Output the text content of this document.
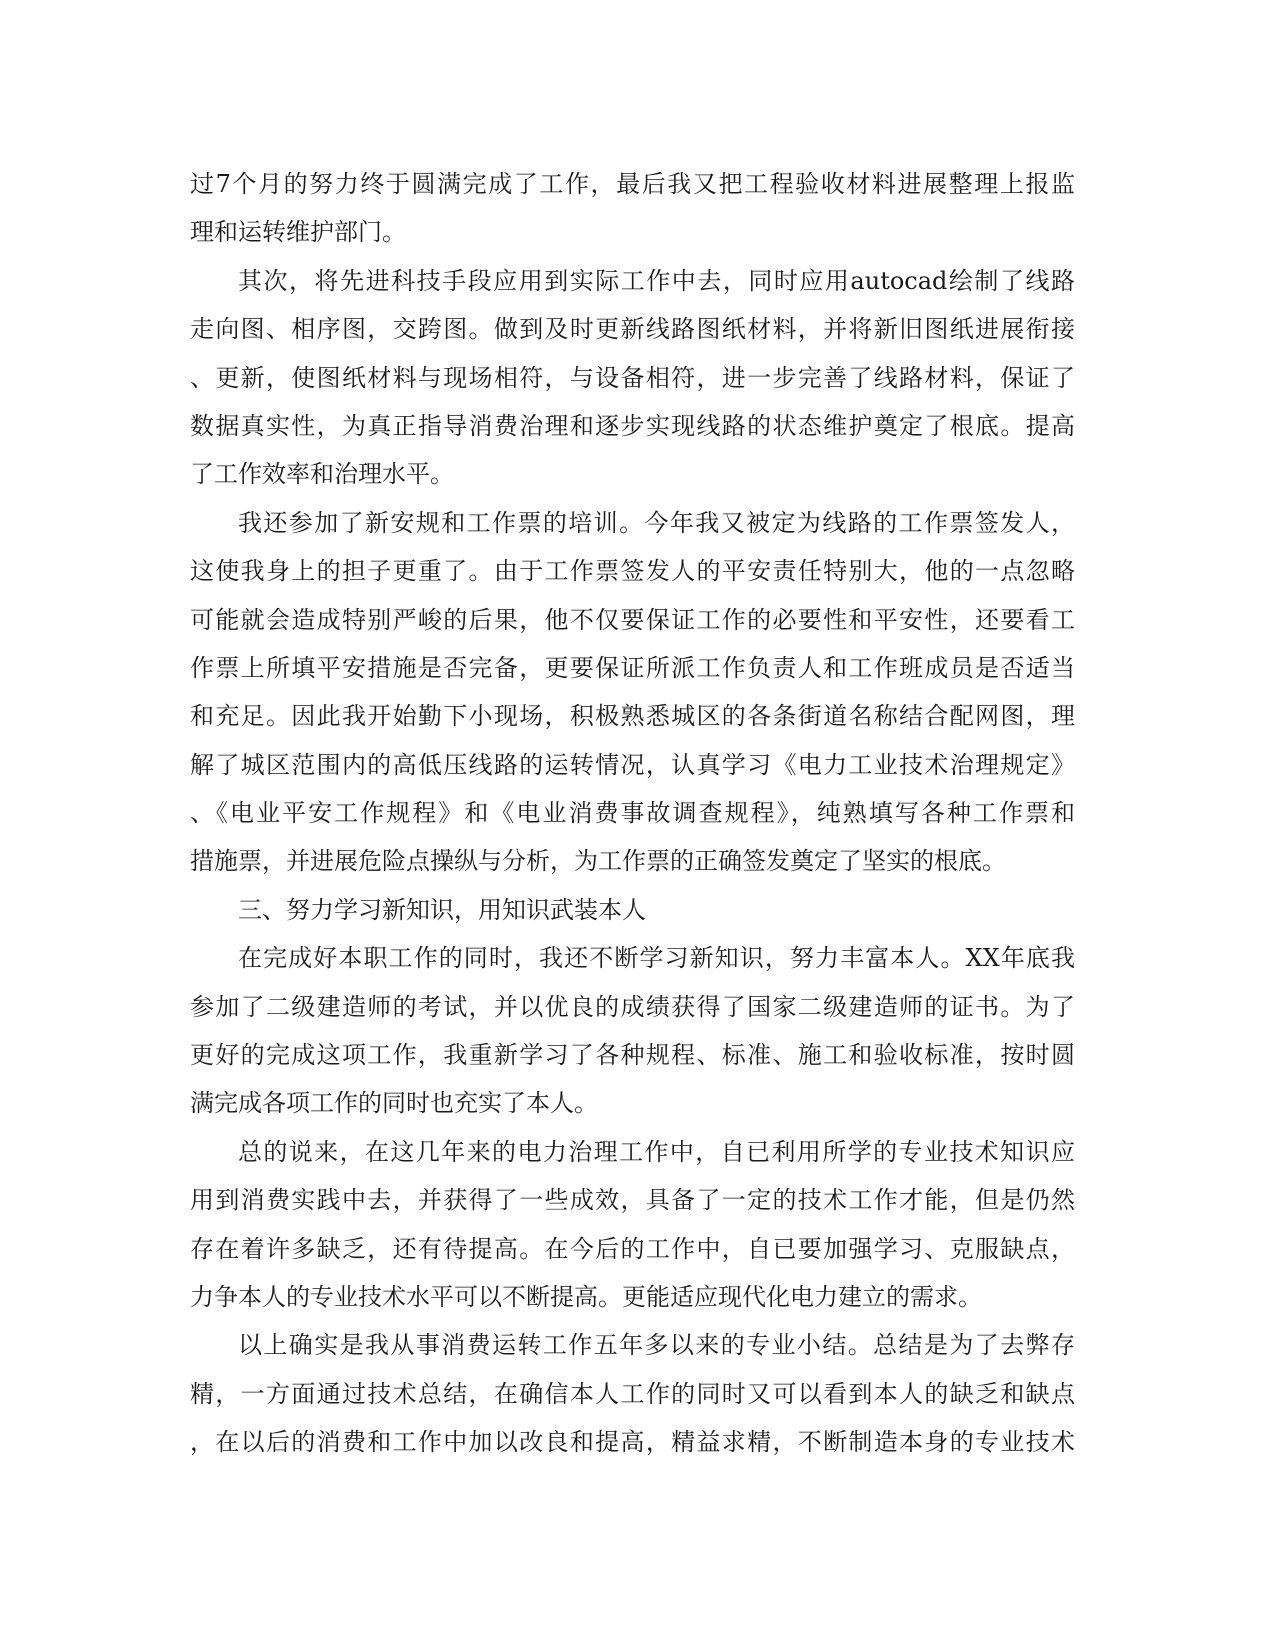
过7个月的努力终于圆满完成了工作，最后我又把工程验收材料进展整理上报监
理和运转维护部门。
其次，将先进科技手段应用到实际工作中去，同时应用autocad绘制了线路
走向图、相序图，交跨图。做到及时更新线路图纸材料，并将新旧图纸进展衔接
、更新，使图纸材料与现场相符，与设备相符，进一步完善了线路材料，保证了
数据真实性，为真正指导消费治理和逐步实现线路的状态维护奠定了根底。提高
了工作效率和治理水平。
我还参加了新安规和工作票的培训。今年我又被定为线路的工作票签发人，
这使我身上的担子更重了。由于工作票签发人的平安责任特别大，他的一点忽略
可能就会造成特别严峻的后果，他不仅要保证工作的必要性和平安性，还要看工
作票上所填平安措施是否完备，更要保证所派工作负责人和工作班成员是否适当
和充足。因此我开始勤下小现场，积极熟悉城区的各条街道名称结合配网图，理
解了城区范围内的高低压线路的运转情况，认真学习《电力工业技术治理规定》
、《电业平安工作规程》和《电业消费事故调查规程》，纯熟填写各种工作票和
措施票，并进展危险点操纵与分析，为工作票的正确签发奠定了坚实的根底。
三、努力学习新知识，用知识武装本人
在完成好本职工作的同时，我还不断学习新知识，努力丰富本人。XX年底我
参加了二级建造师的考试，并以优良的成绩获得了国家二级建造师的证书。为了
更好的完成这项工作，我重新学习了各种规程、标准、施工和验收标准，按时圆
满完成各项工作的同时也充实了本人。
总的说来，在这几年来的电力治理工作中，自已利用所学的专业技术知识应
用到消费实践中去，并获得了一些成效，具备了一定的技术工作才能，但是仍然
存在着许多缺乏，还有待提高。在今后的工作中，自已要加强学习、克服缺点，
力争本人的专业技术水平可以不断提高。更能适应现代化电力建立的需求。
以上确实是我从事消费运转工作五年多以来的专业小结。总结是为了去弊存
精，一方面通过技术总结，在确信本人工作的同时又可以看到本人的缺乏和缺点
，在以后的消费和工作中加以改良和提高，精益求精，不断制造本身的专业技术
